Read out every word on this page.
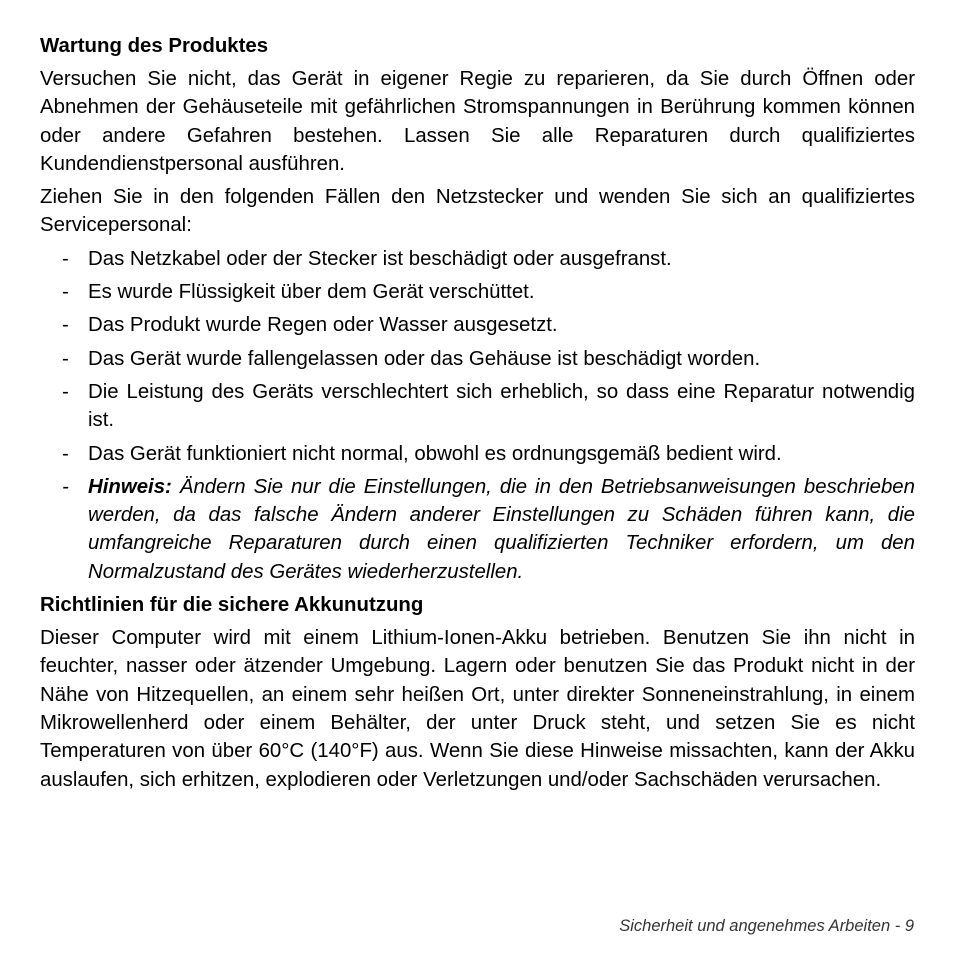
Wartung des Produktes

Versuchen Sie nicht, das Gerät in eigener Regie zu reparieren, da Sie durch Öffnen oder Abnehmen der Gehäuseteile mit gefährlichen Stromspannungen in Berührung kommen können oder andere Gefahren bestehen. Lassen Sie alle Reparaturen durch qualifiziertes Kundendienstpersonal ausführen.

Ziehen Sie in den folgenden Fällen den Netzstecker und wenden Sie sich an qualifiziertes Servicepersonal:

- Das Netzkabel oder der Stecker ist beschädigt oder ausgefranst.
- Es wurde Flüssigkeit über dem Gerät verschüttet.
- Das Produkt wurde Regen oder Wasser ausgesetzt.
- Das Gerät wurde fallengelassen oder das Gehäuse ist beschädigt worden.
- Die Leistung des Geräts verschlechtert sich erheblich, so dass eine Reparatur notwendig ist.
- Das Gerät funktioniert nicht normal, obwohl es ordnungsgemäß bedient wird.
- Hinweis: Ändern Sie nur die Einstellungen, die in den Betriebsanweisungen beschrieben werden, da das falsche Ändern anderer Einstellungen zu Schäden führen kann, die umfangreiche Reparaturen durch einen qualifizierten Techniker erfordern, um den Normalzustand des Gerätes wiederherzustellen.
Richtlinien für die sichere Akkunutzung

Dieser Computer wird mit einem Lithium-Ionen-Akku betrieben. Benutzen Sie ihn nicht in feuchter, nasser oder ätzender Umgebung. Lagern oder benutzen Sie das Produkt nicht in der Nähe von Hitzequellen, an einem sehr heißen Ort, unter direkter Sonneneinstrahlung, in einem Mikrowellenherd oder einem Behälter, der unter Druck steht, und setzen Sie es nicht Temperaturen von über 60°C (140°F) aus. Wenn Sie diese Hinweise missachten, kann der Akku auslaufen, sich erhitzen, explodieren oder Verletzungen und/oder Sachschäden verursachen.

Sicherheit und angenehmes Arbeiten - 9
